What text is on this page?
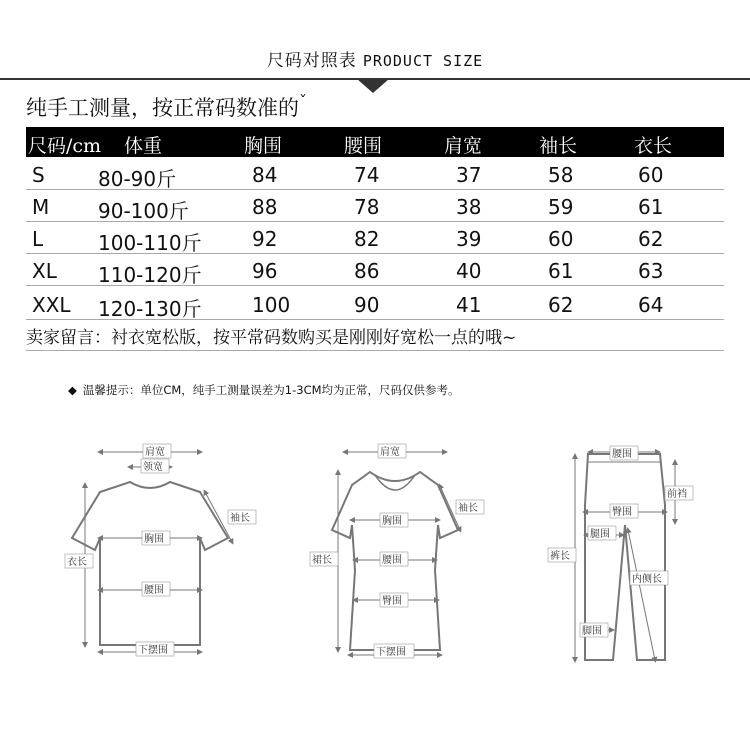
尺码对照表 PRODUCT SIZE
纯手工测量，按正常码数准的$^ˇ$
尺码/cm 体重	胸围	腰围	肩宽	袖长	衣长
S	80-90斤	84	74	37	58	60
M 90-100斤	88	78	38	59	61
L	100-110斤	92	82	39	60	62
XL 110-120斤	96	86	40	61	63
XXL 120-130斤	100	90	41	62	64
卖家留言：衬衣宽松版，按平常码数购买是刚刚好宽松一点的哦~
◆ 温馨提示：单位CM，纯手工测量误差为1-3CM均为正常，尺码仅供参考。
肩宽
领宽
袖长
胸围
衣长
腰围
下摆围
肩宽
袖长
胸围
裙长	腰围
臀围
下摆围
腰围
前裆
臀围
腿围
裤长
内侧长
脚围
